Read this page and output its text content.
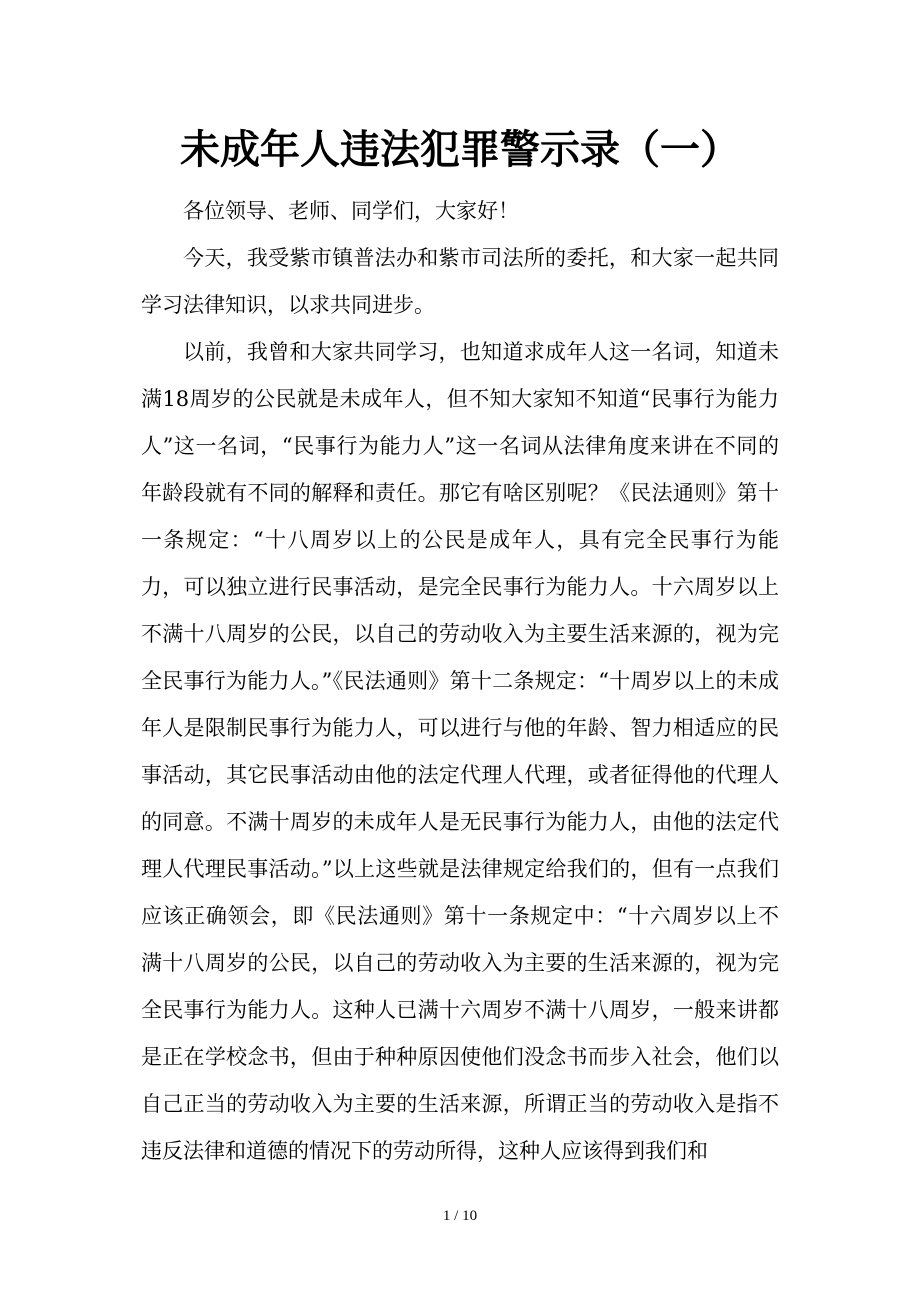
未成年人违法犯罪警示录（一）

各位领导、老师、同学们，大家好！

今天，我受紫市镇普法办和紫市司法所的委托，和大家一起共同学习法律知识，以求共同进步。

以前，我曾和大家共同学习，也知道求成年人这一名词，知道未满18周岁的公民就是未成年人，但不知大家知不知道“民事行为能力人”这一名词，“民事行为能力人”这一名词从法律角度来讲在不同的年龄段就有不同的解释和责任。那它有啥区别呢？《民法通则》第十一条规定：“十八周岁以上的公民是成年人，具有完全民事行为能力，可以独立进行民事活动，是完全民事行为能力人。十六周岁以上不满十八周岁的公民，以自己的劳动收入为主要生活来源的，视为完全民事行为能力人。”《民法通则》第十二条规定：“十周岁以上的未成年人是限制民事行为能力人，可以进行与他的年龄、智力相适应的民事活动，其它民事活动由他的法定代理人代理，或者征得他的代理人的同意。不满十周岁的未成年人是无民事行为能力人，由他的法定代理人代理民事活动。”以上这些就是法律规定给我们的，但有一点我们应该正确领会，即《民法通则》第十一条规定中：“十六周岁以上不满十八周岁的公民，以自己的劳动收入为主要的生活来源的，视为完全民事行为能力人。这种人已满十六周岁不满十八周岁，一般来讲都是正在学校念书，但由于种种原因使他们没念书而步入社会，他们以自己正当的劳动收入为主要的生活来源，所谓正当的劳动收入是指不违反法律和道德的情况下的劳动所得，这种人应该得到我们和

1 / 10
